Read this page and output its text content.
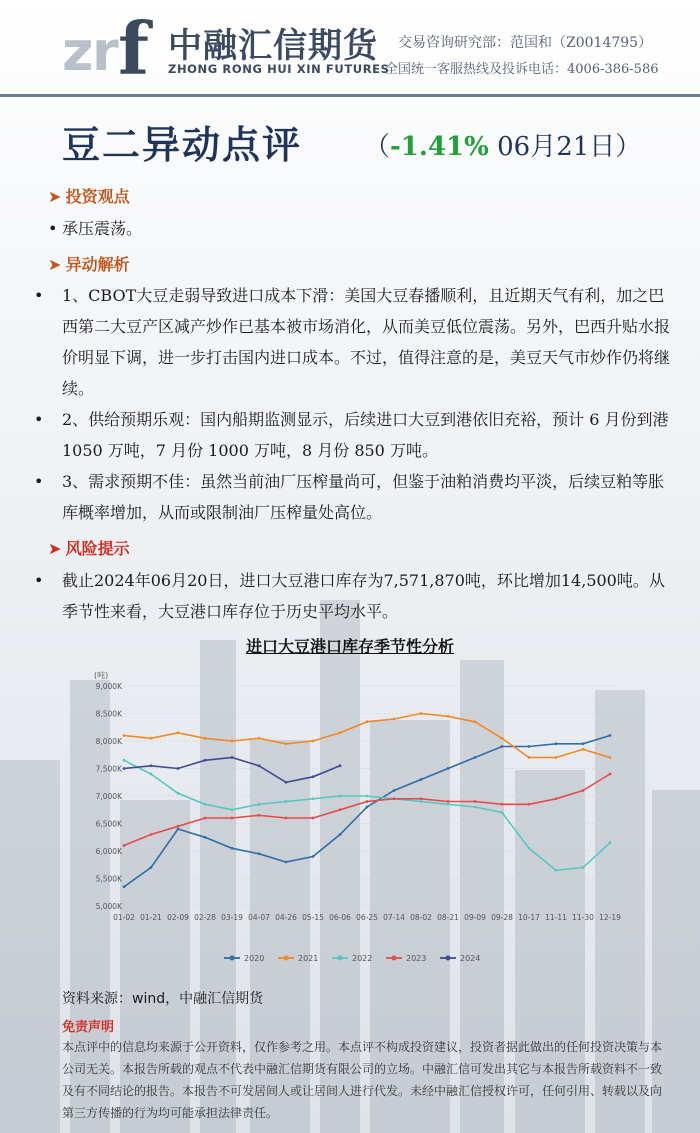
z
r f 中融汇信期货
ZHONG RONG HUI XIN FUTURES
交易咨询研究部：范国和（Z0014795）
全国统一客服热线及投诉电话：4006-386-586
豆二异动点评 （-1.41% 06月21日）
➤ 投资观点
• 承压震荡。
➤ 异动解析
• 1、CBOT大豆走弱导致进口成本下滑：美国大豆春播顺利，且近期天气有利，加之巴西第二大豆产区减产炒作已基本被市场消化，从而美豆低位震荡。另外，巴西升贴水报价明显下调，进一步打击国内进口成本。不过，值得注意的是，美豆天气市炒作仍将继续。
• 2、供给预期乐观：国内船期监测显示，后续进口大豆到港依旧充裕，预计 6 月份到港 1050 万吨，7 月份 1000 万吨，8 月份 850 万吨。
• 3、需求预期不佳：虽然当前油厂压榨量尚可，但鉴于油粕消费均平淡，后续豆粕等胀库概率增加，从而或限制油厂压榨量处高位。
➤ 风险提示
• 截止2024年06月20日，进口大豆港口库存为7,571,870吨，环比增加14,500吨。从季节性来看，大豆港口库存位于历史平均水平。
进口大豆港口库存季节性分析
(吨)
5,000K
5,500K
6,000K
6,500K
7,000K
7,500K
8,000K
8,500K
9,000K
01-02 01-21 02-09 02-28 03-19 04-07 04-26 05-15 06-06 06-25 07-14 08-02 08-21 09-09 09-28 10-17 11-11 11-30 12-19
2020	2021	2022	2023	2024
资料来源：wind，中融汇信期货
免责声明
本点评中的信息均来源于公开资料，仅作参考之用。本点评不构成投资建议，投资者据此做出的任何投资决策与本公司无关。本报告所载的观点不代表中融汇信期货有限公司的立场。中融汇信可发出其它与本报告所载资料不一致及有不同结论的报告。本报告不可发居间人或让居间人进行代发。未经中融汇信授权许可，任何引用、转载以及向第三方传播的行为均可能承担法律责任。
